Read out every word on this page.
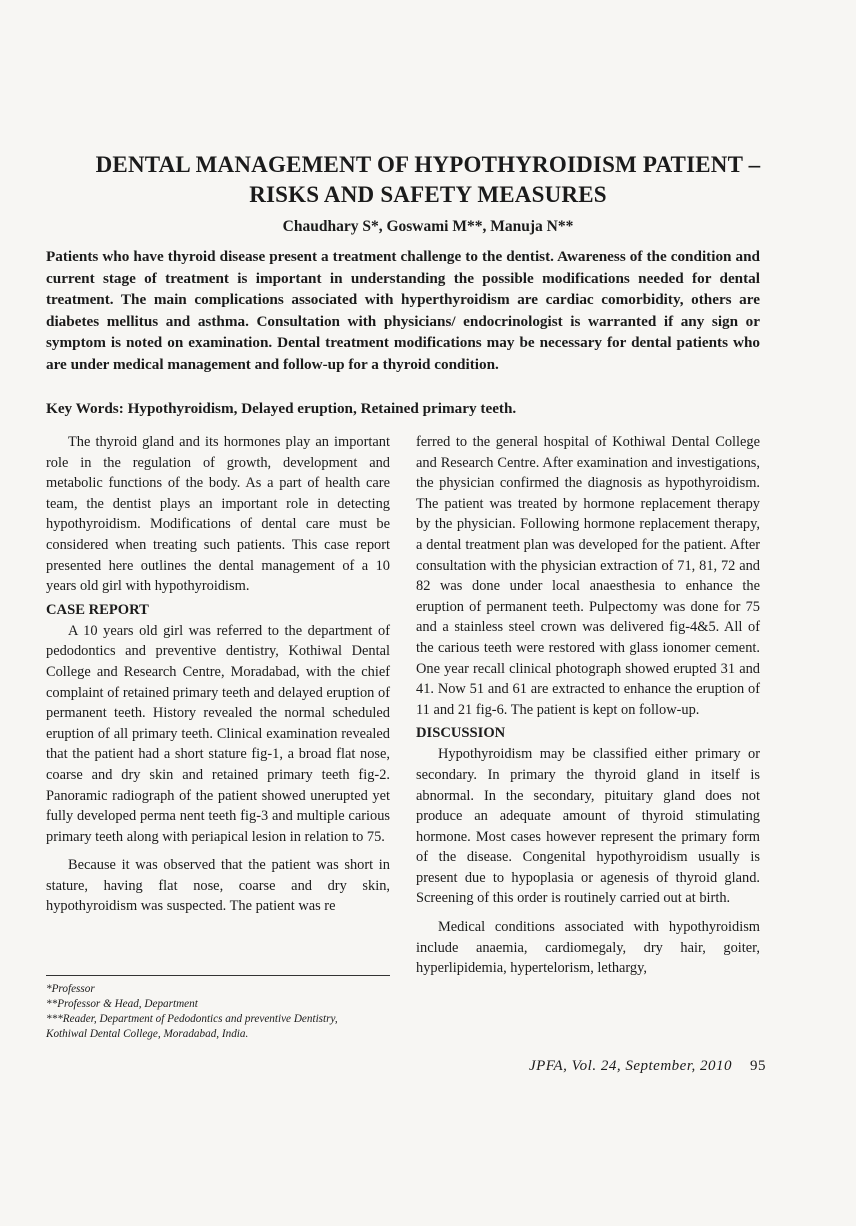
DENTAL MANAGEMENT OF HYPOTHYROIDISM PATIENT –
RISKS AND SAFETY MEASURES
Chaudhary S*, Goswami M**, Manuja N**

Patients who have thyroid disease present a treatment challenge to the dentist. Awareness of the condition and current stage of treatment is important in understanding the possible modifications needed for dental treatment. The main complications associated with hyperthyroidism are cardiac comorbidity, others are diabetes mellitus and asthma. Consultation with physicians/ endocrinologist is warranted if any sign or symptom is noted on examination. Dental treatment modifications may be necessary for dental patients who are under medical management and follow-up for a thyroid condition.

Key Words: Hypothyroidism, Delayed eruption, Retained primary teeth.

The thyroid gland and its hormones play an important role in the regulation of growth, development and metabolic functions of the body. As a part of health care team, the dentist plays an important role in detecting hypothyroidism. Modifications of dental care must be considered when treating such patients. This case report presented here outlines the dental management of a 10 years old girl with hypothyroidism.

CASE REPORT

A 10 years old girl was referred to the department of pedodontics and preventive dentistry, Kothiwal Dental College and Research Centre, Moradabad, with the chief complaint of retained primary teeth and delayed eruption of permanent teeth. History revealed the normal scheduled eruption of all primary teeth. Clinical examination revealed that the patient had a short stature fig-1, a broad flat nose, coarse and dry skin and retained primary teeth fig-2. Panoramic radiograph of the patient showed unerupted yet fully developed perma nent teeth fig-3 and multiple carious primary teeth along with periapical lesion in relation to 75.

Because it was observed that the patient was short in stature, having flat nose, coarse and dry skin, hypothyroidism was suspected. The patient was re

ferred to the general hospital of Kothiwal Dental College and Research Centre. After examination and investigations, the physician confirmed the diagnosis as hypothyroidism. The patient was treated by hormone replacement therapy by the physician. Following hormone replacement therapy, a dental treatment plan was developed for the patient. After consultation with the physician extraction of 71, 81, 72 and 82 was done under local anaesthesia to enhance the eruption of permanent teeth. Pulpectomy was done for 75 and a stainless steel crown was delivered fig-4&5. All of the carious teeth were restored with glass ionomer cement. One year recall clinical photograph showed erupted 31 and 41. Now 51 and 61 are extracted to enhance the eruption of 11 and 21 fig-6. The patient is kept on follow-up.

DISCUSSION

Hypothyroidism may be classified either primary or secondary. In primary the thyroid gland in itself is abnormal. In the secondary, pituitary gland does not produce an adequate amount of thyroid stimulating hormone. Most cases however represent the primary form of the disease. Congenital hypothyroidism usually is present due to hypoplasia or agenesis of thyroid gland. Screening of this order is routinely carried out at birth.

Medical conditions associated with hypothyroidism include anaemia, cardiomegaly, dry hair, goiter, hyperlipidemia, hypertelorism, lethargy,

*Professor
**Professor & Head, Department
***Reader, Department of Pedodontics and preventive Dentistry,
Kothiwal Dental College, Moradabad, India.
JPFA, Vol. 24, September, 2010 95
